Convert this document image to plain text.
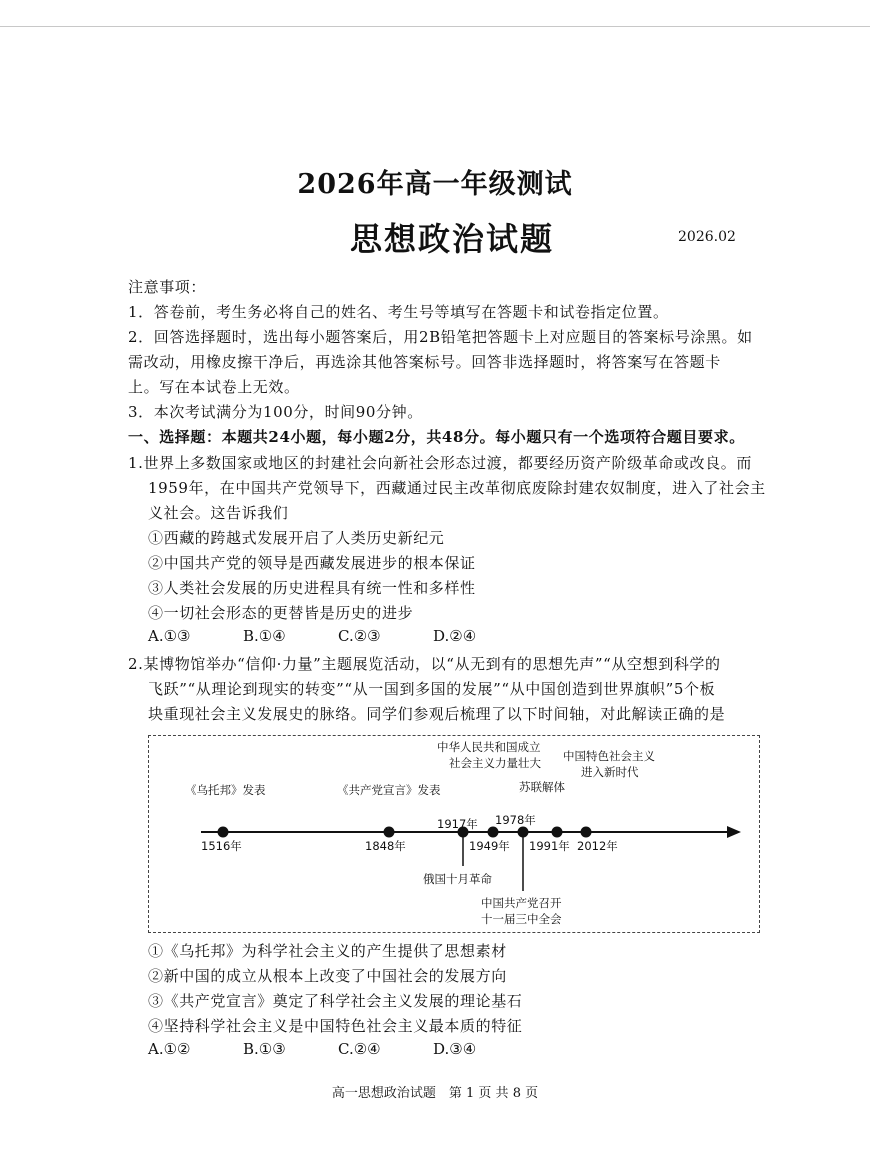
2026年高一年级测试
思想政治试题	2026.02
注意事项：
1．答卷前，考生务必将自己的姓名、考生号等填写在答题卡和试卷指定位置。
2．回答选择题时，选出每小题答案后，用2B铅笔把答题卡上对应题目的答案标号涂黑。如
需改动，用橡皮擦干净后，再选涂其他答案标号。回答非选择题时，将答案写在答题卡
上。写在本试卷上无效。
3．本次考试满分为100分，时间90分钟。
一、选择题：本题共24小题，每小题2分，共48分。每小题只有一个选项符合题目要求。
1.世界上多数国家或地区的封建社会向新社会形态过渡，都要经历资产阶级革命或改良。而
1959年，在中国共产党领导下，西藏通过民主改革彻底废除封建农奴制度，进入了社会主
义社会。这告诉我们
①西藏的跨越式发展开启了人类历史新纪元
②中国共产党的领导是西藏发展进步的根本保证
③人类社会发展的历史进程具有统一性和多样性
④一切社会形态的更替皆是历史的进步
A.①③	B.①④	C.②③	D.②④
2.某博物馆举办“信仰·力量”主题展览活动，以“从无到有的思想先声”“从空想到科学的
飞跃”“从理论到现实的转变”“从一国到多国的发展”“从中国创造到世界旗帜”5个板
块重现社会主义发展史的脉络。同学们参观后梳理了以下时间轴，对此解读正确的是
1516年	1848年
1917年
1949年
1978年
1991年 2012年
《乌托邦》发表	《共产党宣言》发表
中华人民共和国成立
社会主义力量壮大
苏联解体
中国特色社会主义
进入新时代
俄国十月革命
中国共产党召开
十一届三中全会
①《乌托邦》为科学社会主义的产生提供了思想素材
②新中国的成立从根本上改变了中国社会的发展方向
③《共产党宣言》奠定了科学社会主义发展的理论基石
④坚持科学社会主义是中国特色社会主义最本质的特征
A.①②	B.①③	C.②④	D.③④
高一思想政治试题　第 1 页 共 8 页
